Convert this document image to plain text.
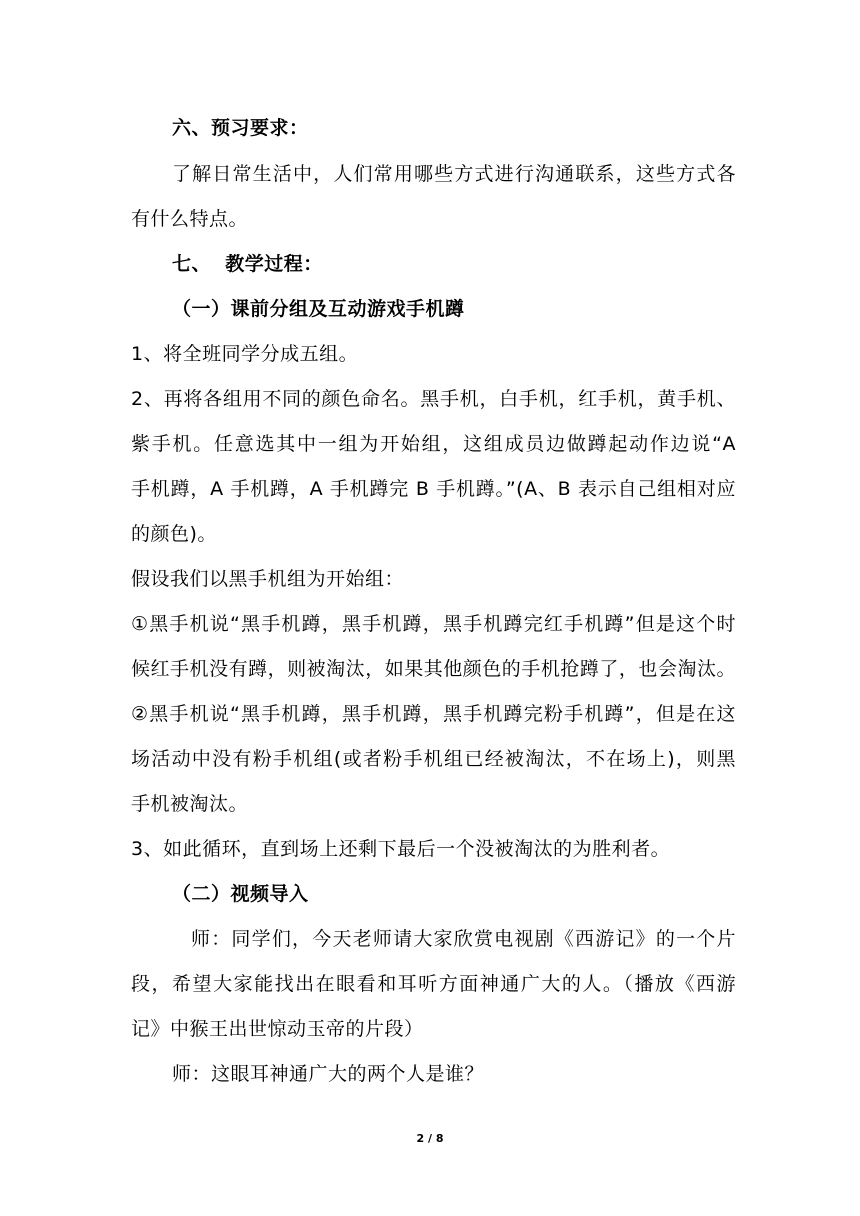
六、预习要求：
了解日常生活中，人们常用哪些方式进行沟通联系，这些方式各
有什么特点。
七、  教学过程：
（一）课前分组及互动游戏手机蹲
1、将全班同学分成五组。
2、再将各组用不同的颜色命名。黑手机，白手机，红手机，黄手机、
紫手机。任意选其中一组为开始组，这组成员边做蹲起动作边说“A
手机蹲，A 手机蹲，A 手机蹲完 B 手机蹲。”(A、B 表示自己组相对应
的颜色)。
假设我们以黑手机组为开始组：
①黑手机说“黑手机蹲，黑手机蹲，黑手机蹲完红手机蹲”但是这个时
候红手机没有蹲，则被淘汰，如果其他颜色的手机抢蹲了，也会淘汰。
②黑手机说“黑手机蹲，黑手机蹲，黑手机蹲完粉手机蹲”，但是在这
场活动中没有粉手机组(或者粉手机组已经被淘汰，不在场上)，则黑
手机被淘汰。
3、如此循环，直到场上还剩下最后一个没被淘汰的为胜利者。
（二）视频导入
师：同学们，今天老师请大家欣赏电视剧《西游记》的一个片
段，希望大家能找出在眼看和耳听方面神通广大的人。（播放《西游
记》中猴王出世惊动玉帝的片段）
师：这眼耳神通广大的两个人是谁？
2 / 8
